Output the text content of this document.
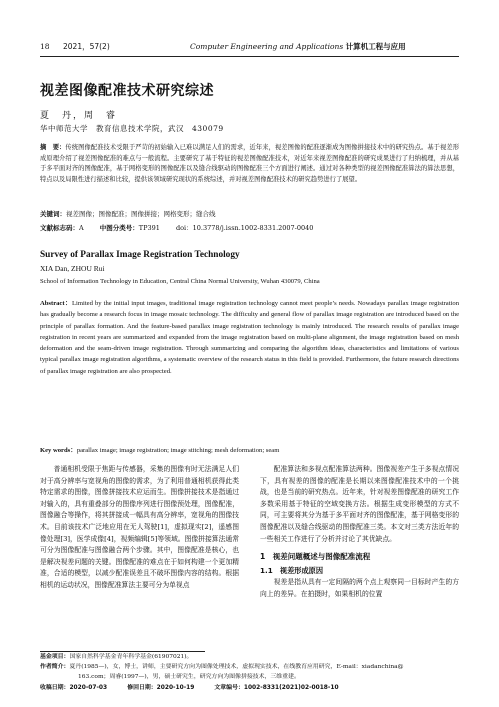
18 2021，57(2)	Computer Engineering and Applications 计算机工程与应用
视差图像配准技术研究综述
夏　丹，周　睿
华中师范大学　教育信息技术学院，武汉　430079
摘　要：传统图像配准技术受限于严苛的初始输入已难以满足人们的需求，近年来，视差图像的配准逐渐成为图像拼接技术中的研究热点。基于视差形成原理介绍了视差图像配准的难点与一般流程。主要研究了基于特征的视差图像配准技术，对近年来视差图像配准的研究成果进行了归纳梳理，并从基于多平面对齐的图像配准，基于网格变形的图像配准以及缝合线驱动的图像配准三个方面进行阐述。通过对各种类型的视差图像配准算法的算法思想，特点以及局限性进行描述和比较，提供该领域研究现状的系统综述，并对视差图像配准技术的研究趋势进行了展望。
关键词：视差图像；图像配准；图像拼接；网格变形；缝合线
文献标志码：A 中图分类号：TP391 doi：10.3778/j.issn.1002-8331.2007-0040
Survey of Parallax Image Registration Technology
XIA Dan, ZHOU Rui
School of Information Technology in Education, Central China Normal University, Wuhan 430079, China
Abstract：Limited by the initial input images, traditional image registration technology cannot meet people’s needs. Nowadays parallax image registration has gradually become a research focus in image mosaic technology. The difficulty and general flow of parallax image registration are introduced based on the principle of parallax formation. And the feature-based parallax image registration technology is mainly introduced. The research results of parallax image registration in recent years are summarized and expanded from the image registration based on multi-plane alignment, the image registration based on mesh deformation and the seam-driven image registration. Through summarizing and comparing the algorithm ideas, characteristics and limitations of various typical parallax image registration algorithms, a systematic overview of the research status in this field is provided. Furthermore, the future research directions of parallax image registration are also prospected.
Key words：parallax image; image registration; image stitching; mesh deformation; seam

普通相机受限于焦距与传感器，采集的图像有时无法满足人们对于高分辨率与宽视角的图像的需求，为了利用普通相机获得此类特定需求的图像，图像拼接技术应运而生。图像拼接技术是指通过对输入的，具有重叠部分的图像序列进行图像预处理，图像配准，图像融合等操作，将其拼接成一幅具有高分辨率，宽视角的图像技术。目前该技术广泛地应用在无人驾驶[1]，虚拟现实[2]，遥感图像处理[3]，医学成像[4]，视频编辑[5]等领域。图像拼接算法通常可分为图像配准与图像融合两个步骤。其中，图像配准是核心，也是解决视差问题的关键。图像配准的难点在于如何构建一个更加精准，合适的模型，以减少配准误差且不破坏图像内容的结构。根据相机的运动状况，图像配准算法主要可分为单视点

配准算法和多视点配准算法两种。图像视差产生于多视点情况下，具有视差的图像的配准是长期以来图像配准技术中的一个挑战，也是当前的研究热点。近年来，针对视差图像配准的研究工作多数采用基于特征的空域变换方法。根据生成变形模型的方式不同，可主要将其分为基于多平面对齐的图像配准，基于网格变形的图像配准以及缝合线驱动的图像配准三类。本文对三类方法近年的一些相关工作进行了分析并讨论了其优缺点。

1　视差问题概述与图像配准流程
1.1　视差形成原因

视差是指从具有一定间隔的两个点上观察同一目标时产生的方向上的差异。在拍摄时，如果相机的位置

基金项目：国家自然科学基金青年科学基金(61907021)。
作者简介：夏丹(1985—)，女，博士，讲师，主要研究方向为图像处理技术，虚拟现实技术，在线教育应用研究，E-mail：xiadanchina@
163.com；周睿(1997—)，男，硕士研究生，研究方向为图像拼接技术，三维重建。
收稿日期：2020-07-03	修回日期：2020-10-19	文章编号：1002-8331(2021)02-0018-10
